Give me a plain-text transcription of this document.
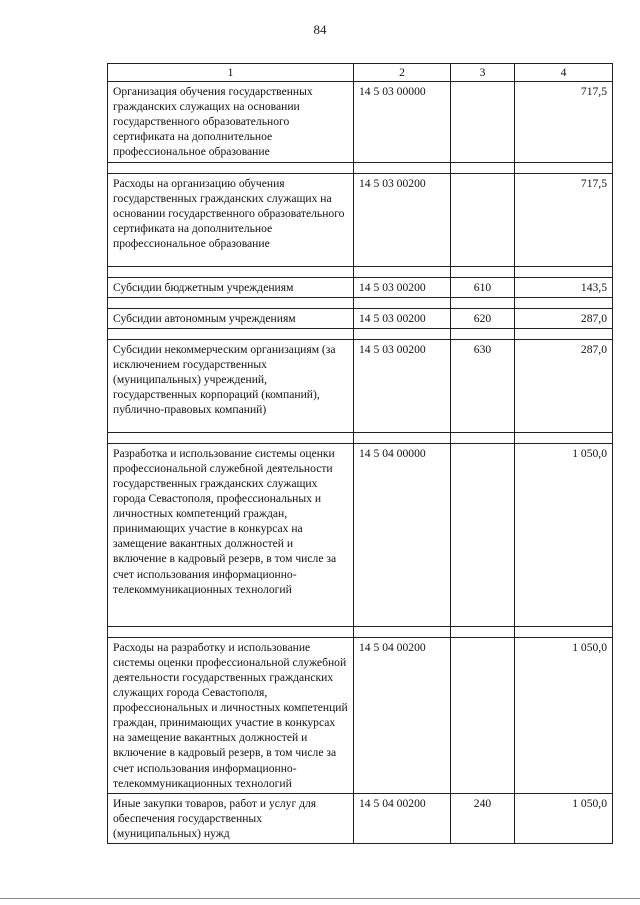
84
1	2	3	4
Организация обучения государственных гражданских служащих на основании государственного образовательного сертификата на дополнительное профессиональное образование	14 5 03 00000		717,5

Расходы на организацию обучения государственных гражданских служащих на основании государственного образовательного сертификата на дополнительное профессиональное образование	14 5 03 00200		717,5

Субсидии бюджетным учреждениям	14 5 03 00200	610	143,5

Субсидии автономным учреждениям	14 5 03 00200	620	287,0

Субсидии некоммерческим организациям (за исключением государственных (муниципальных) учреждений, государственных корпораций (компаний), публично-правовых компаний)	14 5 03 00200	630	287,0

Разработка и использование системы оценки профессиональной служебной деятельности государственных гражданских служащих города Севастополя, профессиональных и личностных компетенций граждан, принимающих участие в конкурсах на замещение вакантных должностей и включение в кадровый резерв, в том числе за счет использования информационно-телекоммуникационных технологий	14 5 04 00000		1 050,0

Расходы на разработку и использование системы оценки профессиональной служебной деятельности государственных гражданских служащих города Севастополя, профессиональных и личностных компетенций граждан, принимающих участие в конкурсах на замещение вакантных должностей и включение в кадровый резерв, в том числе за счет использования информационно-телекоммуникационных технологий	14 5 04 00200		1 050,0
Иные закупки товаров, работ и услуг для обеспечения государственных (муниципальных) нужд	14 5 04 00200	240	1 050,0
